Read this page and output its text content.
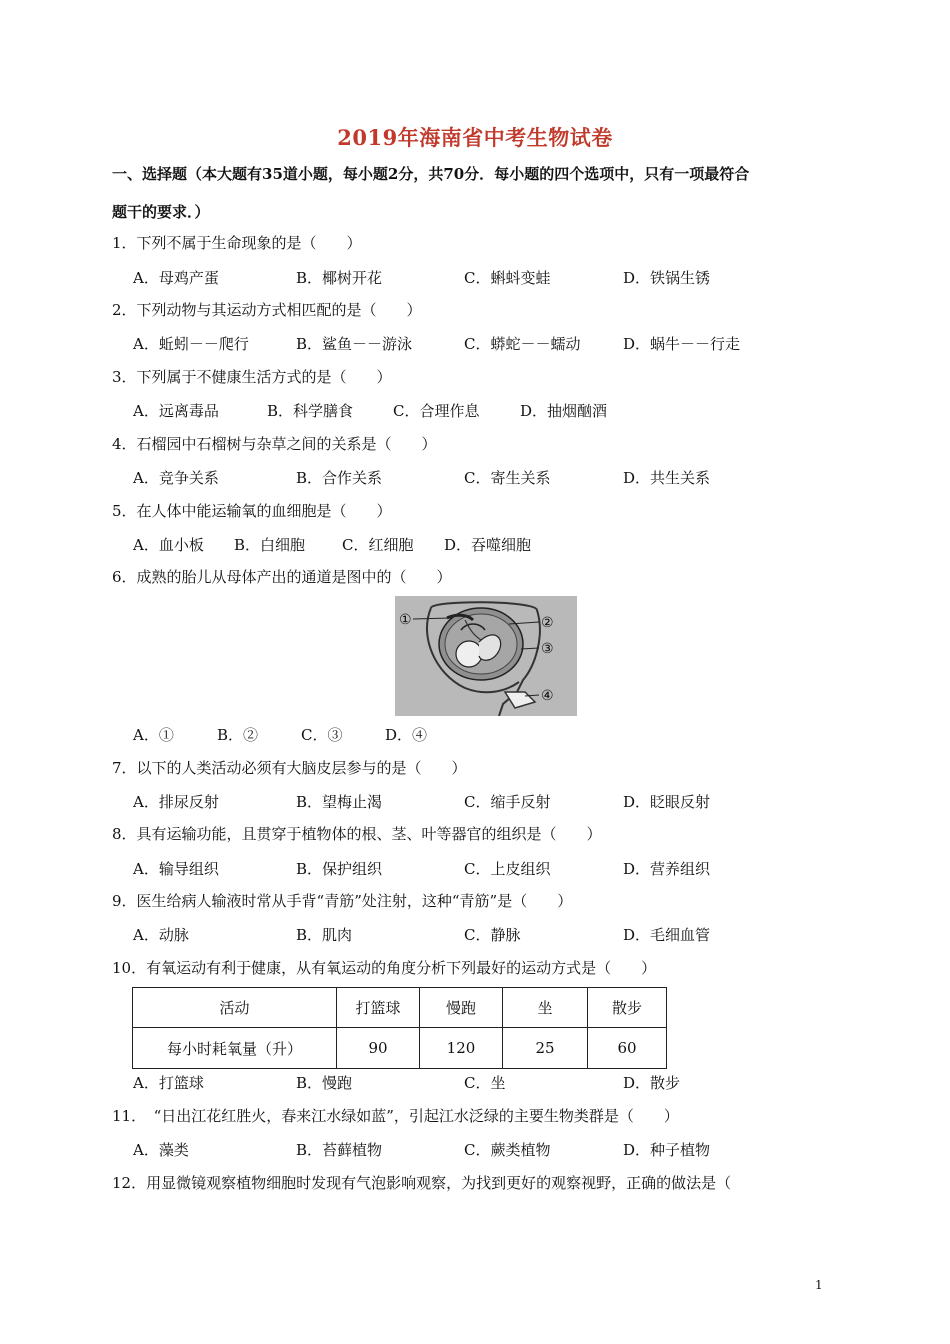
2019年海南省中考生物试卷
一、选择题（本大题有35道小题，每小题2分，共70分．每小题的四个选项中，只有一项最符合
题干的要求．）
1．下列不属于生命现象的是（　　）
A．母鸡产蛋	B．椰树开花	C．蝌蚪变蛙	D．铁锅生锈
2．下列动物与其运动方式相匹配的是（　　）
A．蚯蚓－－爬行	B．鲨鱼－－游泳	C．蟒蛇－－蠕动	D．蜗牛－－行走
3．下列属于不健康生活方式的是（　　）
A．远离毒品	B．科学膳食	C．合理作息	D．抽烟酗酒
4．石榴园中石榴树与杂草之间的关系是（　　）
A．竞争关系	B．合作关系	C．寄生关系	D．共生关系
5．在人体中能运输氧的血细胞是（　　）
A．血小板 B．白细胞 C．红细胞 D．吞噬细胞
6．成熟的胎儿从母体产出的通道是图中的（　　）
①	②
③
④
A．①	B．②	C．③	D．④
7．以下的人类活动必须有大脑皮层参与的是（　　）
A．排尿反射	B．望梅止渴	C．缩手反射	D．眨眼反射
8．具有运输功能，且贯穿于植物体的根、茎、叶等器官的组织是（　　）
A．输导组织	B．保护组织	C．上皮组织	D．营养组织
9．医生给病人输液时常从手背“青筋”处注射，这种“青筋”是（　　）
A．动脉	B．肌肉	C．静脉	D．毛细血管
10．有氧运动有利于健康，从有氧运动的角度分析下列最好的运动方式是（　　）
活动	打篮球	慢跑	坐	散步
每小时耗氧量（升）	90	120	25	60
A．打篮球	B．慢跑	C．坐	D．散步
11．　“日出江花红胜火，春来江水绿如蓝”，引起江水泛绿的主要生物类群是（　　）
A．藻类	B．苔藓植物	C．蕨类植物	D．种子植物
12．用显微镜观察植物细胞时发现有气泡影响观察，为找到更好的观察视野，正确的做法是（
1
